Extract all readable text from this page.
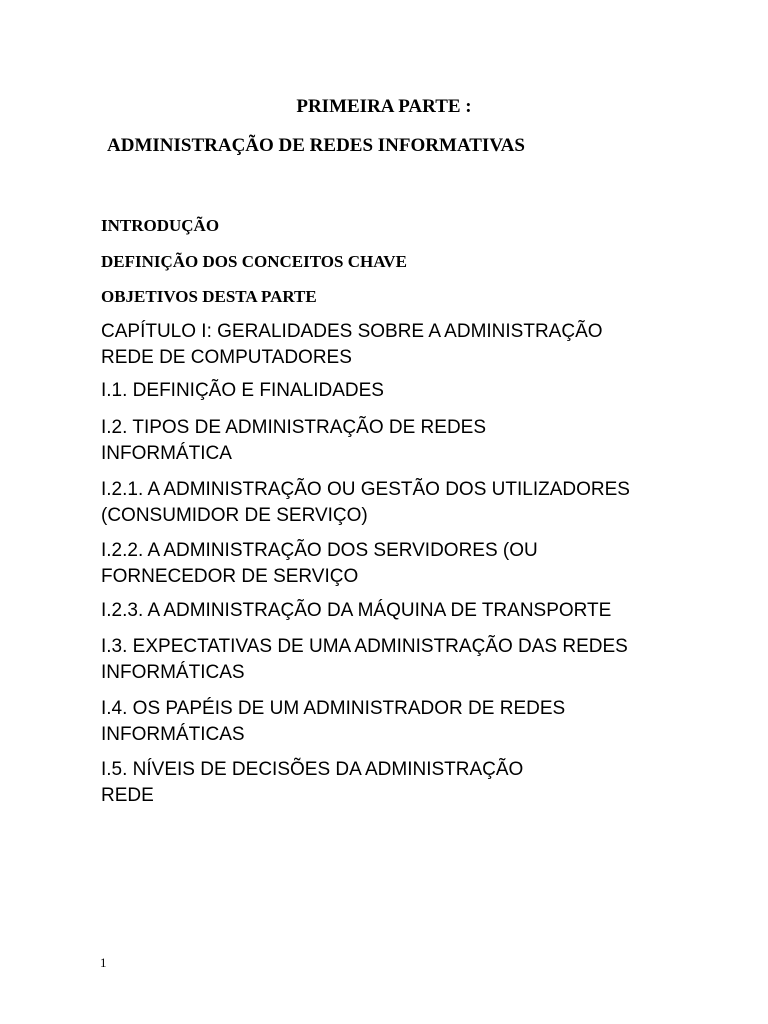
PRIMEIRA PARTE :
ADMINISTRAÇÃO DE REDES INFORMATIVAS
INTRODUÇÃO
DEFINIÇÃO DOS CONCEITOS CHAVE
OBJETIVOS DESTA PARTE
CAPÍTULO I: GERALIDADES SOBRE A ADMINISTRAÇÃO
REDE DE COMPUTADORES
I.1. DEFINIÇÃO E FINALIDADES
I.2. TIPOS DE ADMINISTRAÇÃO DE REDES
INFORMÁTICA
I.2.1. A ADMINISTRAÇÃO OU GESTÃO DOS UTILIZADORES
(CONSUMIDOR DE SERVIÇO)
I.2.2. A ADMINISTRAÇÃO DOS SERVIDORES (OU
FORNECEDOR DE SERVIÇO
I.2.3. A ADMINISTRAÇÃO DA MÁQUINA DE TRANSPORTE
I.3. EXPECTATIVAS DE UMA ADMINISTRAÇÃO DAS REDES
INFORMÁTICAS
I.4. OS PAPÉIS DE UM ADMINISTRADOR DE REDES
INFORMÁTICAS
I.5. NÍVEIS DE DECISÕES DA ADMINISTRAÇÃO
REDE
1
